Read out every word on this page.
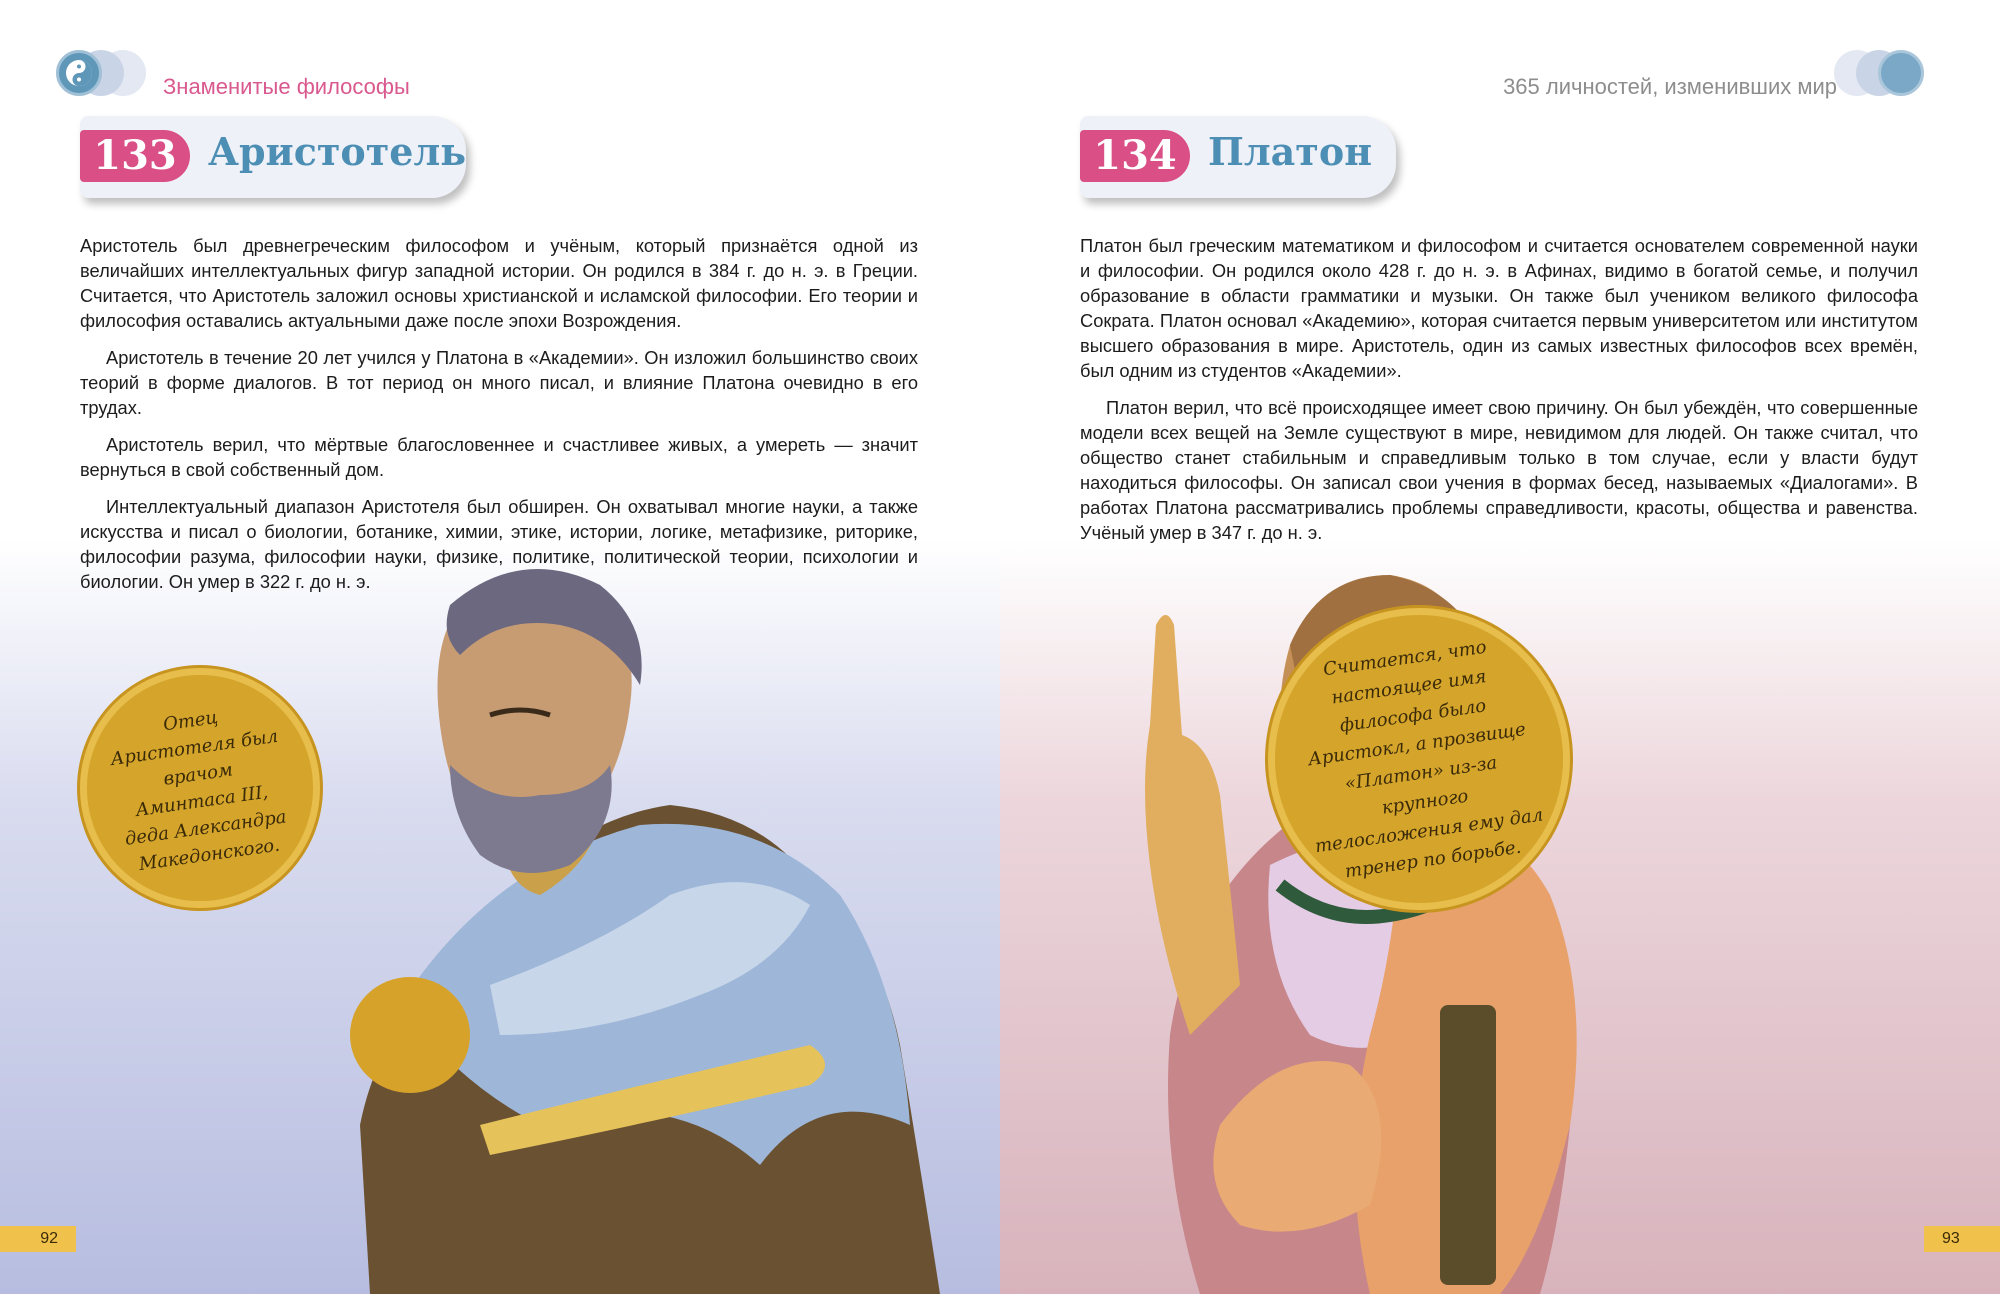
Знаменитые философы
133 Аристотель

Аристотель был древнегреческим философом и учёным, который признаётся одной из величайших интеллектуальных фигур западной истории. Он родился в 384 г. до н. э. в Греции. Считается, что Аристотель заложил основы христианской и исламской философии. Его теории и философия оставались актуальными даже после эпохи Возрождения.

Аристотель в течение 20 лет учился у Платона в «Академии». Он изложил большинство своих теорий в форме диалогов. В тот период он много писал, и влияние Платона очевидно в его трудах.

Аристотель верил, что мёртвые благословеннее и счастливее живых, а умереть — значит вернуться в свой собственный дом.

Интеллектуальный диапазон Аристотеля был обширен. Он охватывал многие науки, а также искусства и писал о биологии, ботанике, химии, этике, истории, логике, метафизике, риторике, философии разума, философии науки, физике, политике, политической теории, психологии и биологии. Он умер в 322 г. до н. э.

Отец Аристотеля был врачом Аминтаса III, деда Александра Македонского.
92
365 личностей, изменивших мир
134 Платон

Платон был греческим математиком и философом и считается основателем современной науки и философии. Он родился около 428 г. до н. э. в Афинах, видимо в богатой семье, и получил образование в области грамматики и музыки. Он также был учеником великого философа Сократа. Платон основал «Академию», которая считается первым университетом или институтом высшего образования в мире. Аристотель, один из самых известных философов всех времён, был одним из студентов «Академии».

Платон верил, что всё происходящее имеет свою причину. Он был убеждён, что совершенные модели всех вещей на Земле существуют в мире, невидимом для людей. Он также считал, что общество станет стабильным и справедливым только в том случае, если у власти будут находиться философы. Он записал свои учения в формах бесед, называемых «Диалогами». В работах Платона рассматривались проблемы справедливости, красоты, общества и равенства. Учёный умер в 347 г. до н. э.

Считается, что настоящее имя философа было Аристокл, а прозвище «Платон» из-за крупного телосложения ему дал тренер по борьбе.
93
